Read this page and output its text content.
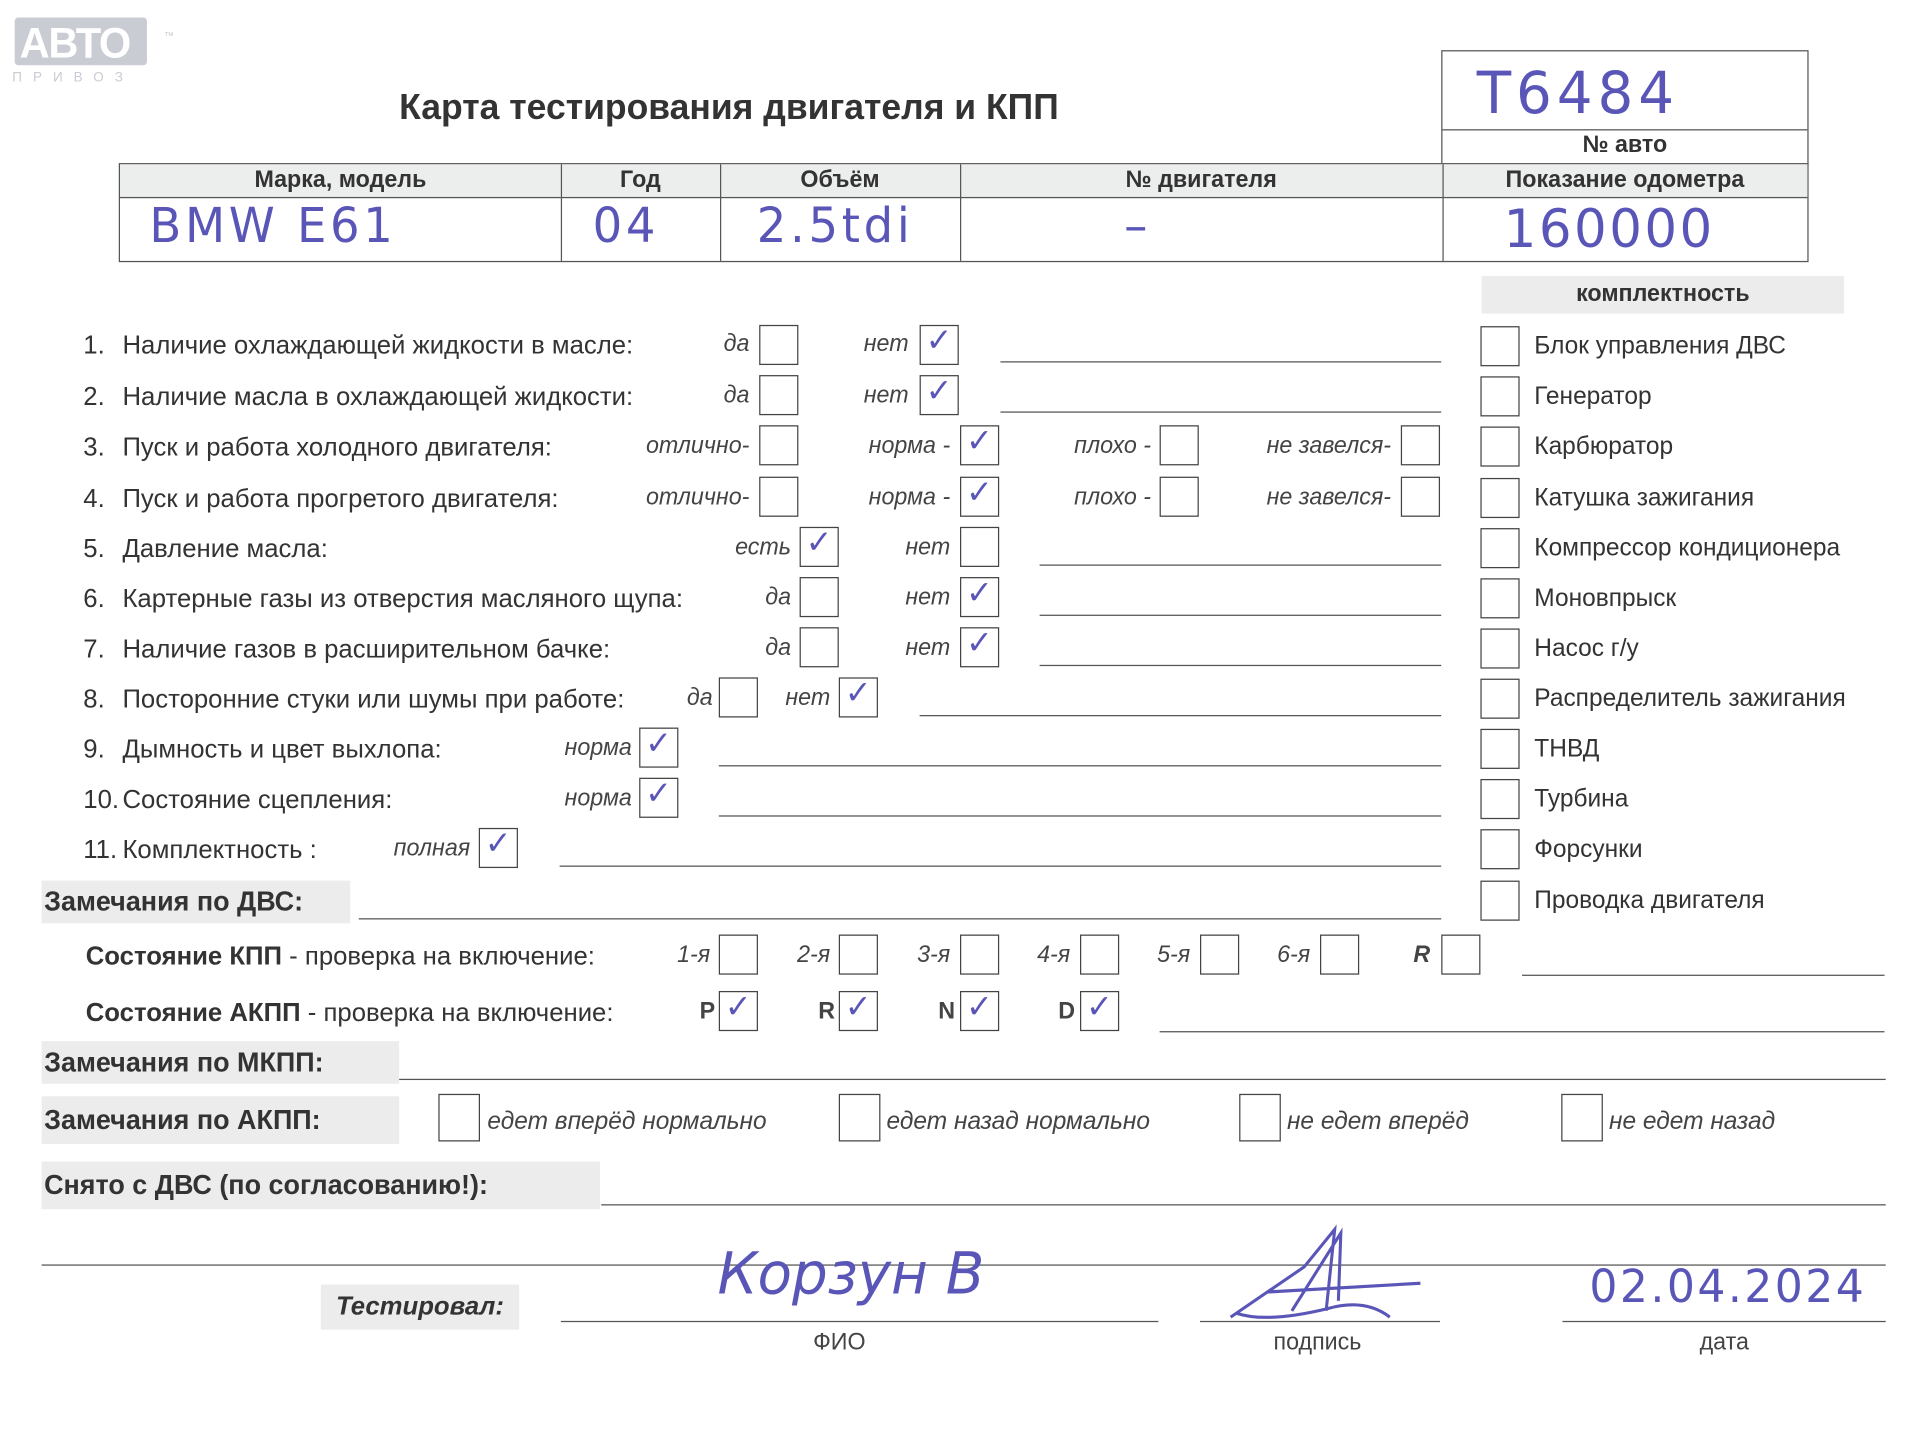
АВТО	™
ПРИВОЗ
Карта тестирования двигателя и КПП	T6484
№ авто
Марка, модель	Год	Объём	№ двигателя	Показание одометра
BMW E61	04	2.5tdi	–	160000
комплектность
1. Наличие охлаждающей жидкости в масле:	да	нет ✓
2. Наличие масла в охлаждающей жидкости:	да	нет ✓
3. Пуск и работа холодного двигателя:	отлично-	норма - ✓	плохо -	не завелся-
4. Пуск и работа прогретого двигателя:	отлично-	норма - ✓	плохо -	не завелся-
5. Давление масла:	есть ✓	нет
6. Картерные газы из отверстия масляного щупа:	да	нет ✓
7. Наличие газов в расширительном бачке:	да	нет ✓
8. Посторонние стуки или шумы при работе:	да	нет ✓
9. Дымность и цвет выхлопа:	норма ✓
10. Состояние сцепления:	норма ✓
11. Комплектность :	полная ✓
Блок управления ДВС
Генератор
Карбюратор
Катушка зажигания
Компрессор кондиционера
Моновпрыск
Насос г/у
Распределитель зажигания
ТНВД
Турбина
Форсунки
Проводка двигателя
Замечания по ДВС:
Состояние КПП - проверка на включение:	1-я	2-я	3-я	4-я	5-я	6-я	R
Состояние АКПП - проверка на включение:	P ✓	R ✓	N ✓	D ✓
Замечания по МКПП:
Замечания по АКПП:	едет вперёд нормально	едет назад нормально	не едет вперёд	не едет назад
Снято с ДВС (по согласованию!):
Тестировал:	Корзун В
ФИО	подпись
02.04.2024
дата
